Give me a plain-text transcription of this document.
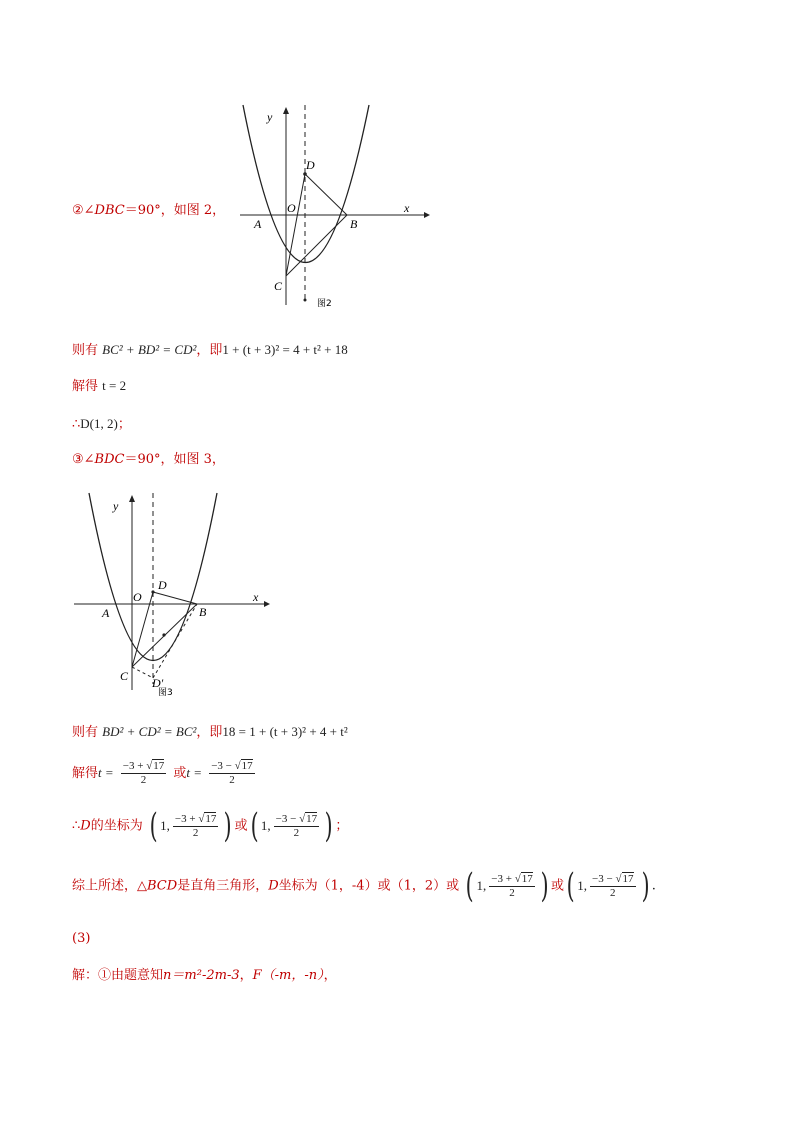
②∠DBC＝90°，如图 2，
y
x
O
A	B
C
D
图2
则有 BC² + BD² = CD²，即1 + (t + 3)² = 4 + t² + 18
解得 t = 2
∴D(1, 2)；
③∠BDC＝90°，如图 3，
y
x
O
A	B
D
C D′
图3
则有 BD² + CD² = BC²，即18 = 1 + (t + 3)² + 4 + t²
解得$t = \frac{-3 + √17}{2}$ 或$t = \frac{-3 - √17}{2}$
∴D的坐标为 ( 1, $\frac{-3 + √17}{2}$ ) 或 ( 1, $\frac{-3 - √17}{2}$ ) ；
综上所述，△BCD是直角三角形，D坐标为（1，-4）或（1，2）或 ( 1, $\frac{-3 + √17}{2}$ ) 或 ( 1, $\frac{-3 - √17}{2}$ ) .
(3)
解：①由题意知n＝m²-2m-3，F（-m，-n），
